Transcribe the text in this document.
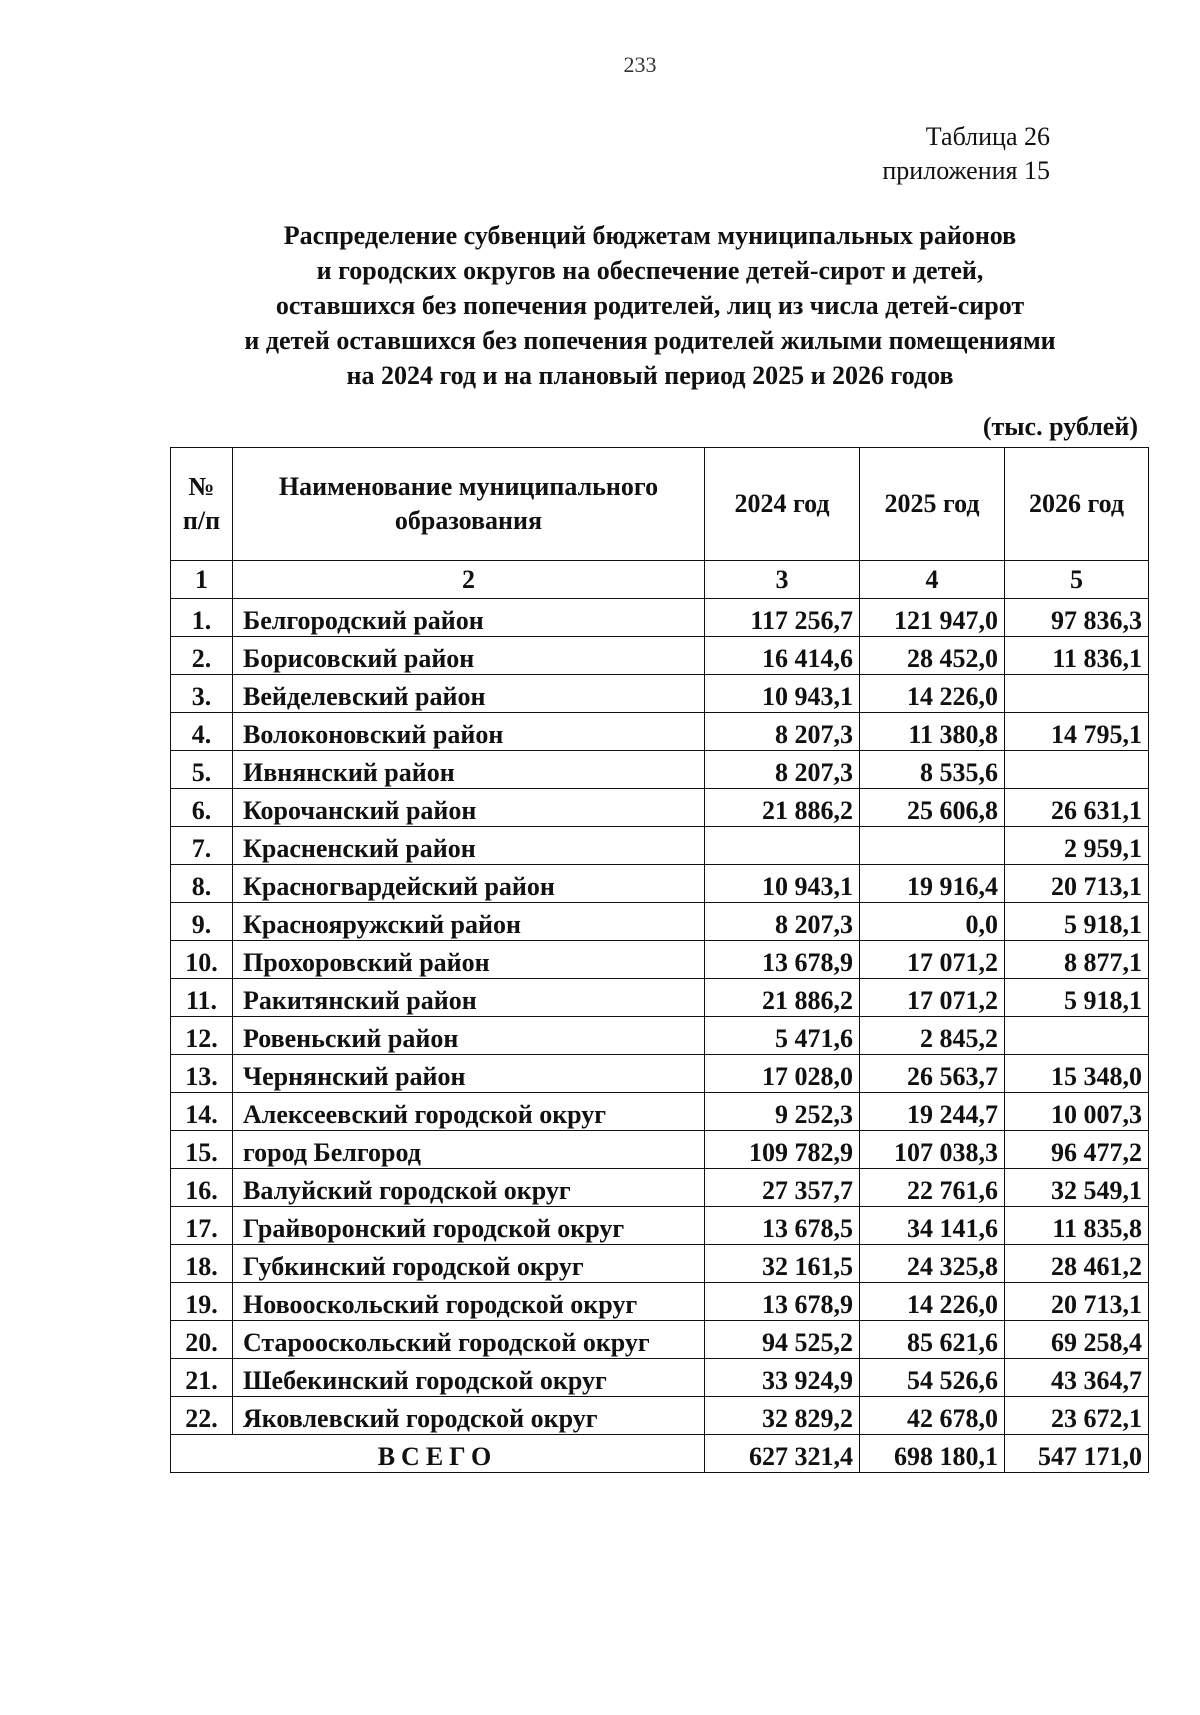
233
Таблица 26
приложения 15
Распределение субвенций бюджетам муниципальных районов
и городских округов на обеспечение детей-сирот и детей,
оставшихся без попечения родителей, лиц из числа детей-сирот
и детей оставшихся без попечения родителей жилыми помещениями
на 2024 год и на плановый период 2025 и 2026 годов
(тыс. рублей)
№ п/п	Наименование муниципального образования	2024 год	2025 год	2026 год
1	2	3	4	5
1.	Белгородский район	117 256,7	121 947,0	97 836,3
2.	Борисовский район	16 414,6	28 452,0	11 836,1
3.	Вейделевский район	10 943,1	14 226,0	
4.	Волоконовский район	8 207,3	11 380,8	14 795,1
5.	Ивнянский район	8 207,3	8 535,6	
6.	Корочанский район	21 886,2	25 606,8	26 631,1
7.	Красненский район			2 959,1
8.	Красногвардейский район	10 943,1	19 916,4	20 713,1
9.	Краснояружский район	8 207,3	0,0	5 918,1
10.	Прохоровский район	13 678,9	17 071,2	8 877,1
11.	Ракитянский район	21 886,2	17 071,2	5 918,1
12.	Ровеньский район	5 471,6	2 845,2	
13.	Чернянский район	17 028,0	26 563,7	15 348,0
14.	Алексеевский городской округ	9 252,3	19 244,7	10 007,3
15.	город Белгород	109 782,9	107 038,3	96 477,2
16.	Валуйский городской округ	27 357,7	22 761,6	32 549,1
17.	Грайворонский городской округ	13 678,5	34 141,6	11 835,8
18.	Губкинский городской округ	32 161,5	24 325,8	28 461,2
19.	Новооскольский городской округ	13 678,9	14 226,0	20 713,1
20.	Старооскольский городской округ	94 525,2	85 621,6	69 258,4
21.	Шебекинский городской округ	33 924,9	54 526,6	43 364,7
22.	Яковлевский городской округ	32 829,2	42 678,0	23 672,1
ВСЕГО		627 321,4	698 180,1	547 171,0
